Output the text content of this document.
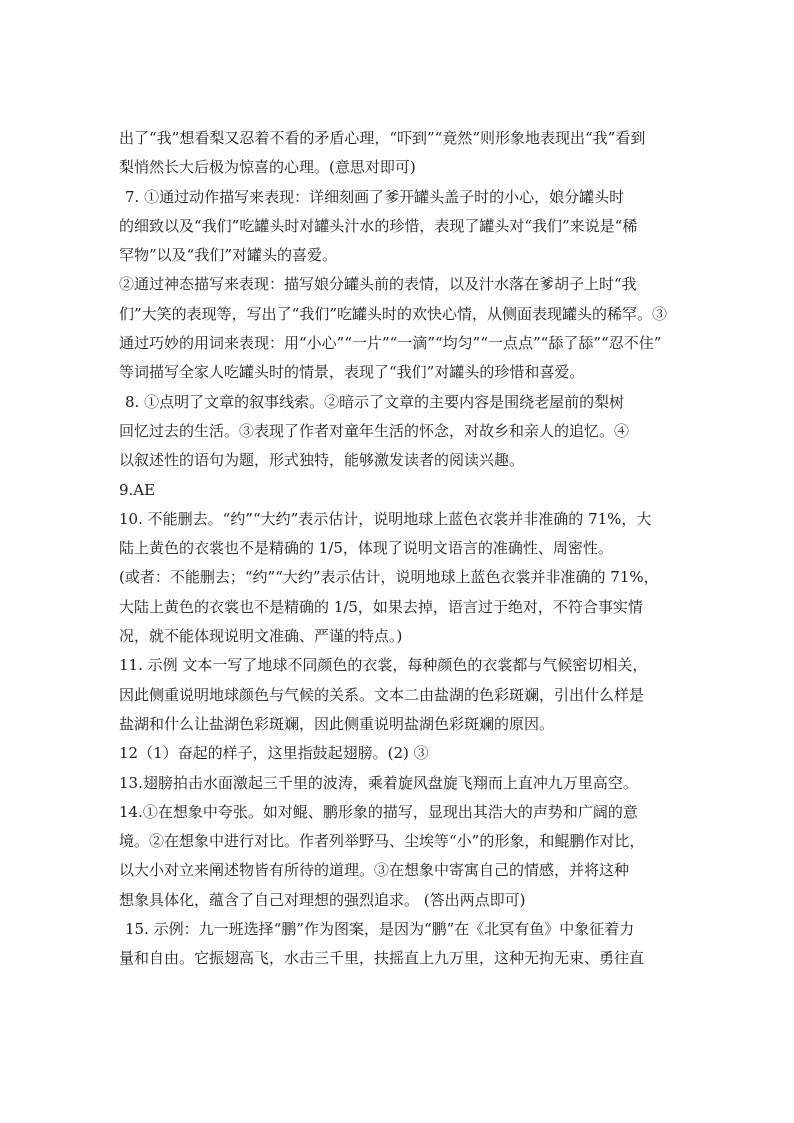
出了“我”想看梨又忍着不看的矛盾心理，“吓到”“竟然”则形象地表现出“我”看到
梨悄然长大后极为惊喜的心理。(意思对即可)
7. ①通过动作描写来表现：详细刻画了爹开罐头盖子时的小心，娘分罐头时
的细致以及“我们”吃罐头时对罐头汁水的珍惜，表现了罐头对“我们”来说是“稀
罕物”以及“我们”对罐头的喜爱。
②通过神态描写来表现：描写娘分罐头前的表情，以及汁水落在爹胡子上时“我
们”大笑的表现等，写出了“我们”吃罐头时的欢快心情，从侧面表现罐头的稀罕。③
通过巧妙的用词来表现：用“小心”“一片”“一滴”“均匀”“一点点”“舔了舔”“忍不住”
等词描写全家人吃罐头时的情景，表现了“我们”对罐头的珍惜和喜爱。
8. ①点明了文章的叙事线索。②暗示了文章的主要内容是围绕老屋前的梨树
回忆过去的生活。③表现了作者对童年生活的怀念，对故乡和亲人的追忆。④
以叙述性的语句为题，形式独特，能够激发读者的阅读兴趣。
9.AE
10. 不能删去。“约”“大约”表示估计，说明地球上蓝色衣裳并非准确的 71%，大
陆上黄色的衣裳也不是精确的 1/5，体现了说明文语言的准确性、周密性。
(或者：不能删去；“约”“大约”表示估计，说明地球上蓝色衣裳并非准确的 71%，
大陆上黄色的衣裳也不是精确的 1/5，如果去掉，语言过于绝对，不符合事实情
况，就不能体现说明文准确、严谨的特点。)
11. 示例 文本一写了地球不同颜色的衣裳，每种颜色的衣裳都与气候密切相关，
因此侧重说明地球颜色与气候的关系。文本二由盐湖的色彩斑斓，引出什么样是
盐湖和什么让盐湖色彩斑斓，因此侧重说明盐湖色彩斑斓的原因。
12（1）奋起的样子，这里指鼓起翅膀。(2) ③
13.翅膀拍击水面激起三千里的波涛，乘着旋风盘旋飞翔而上直冲九万里高空。
14.①在想象中夸张。如对鲲、鹏形象的描写，显现出其浩大的声势和广阔的意
境。②在想象中进行对比。作者列举野马、尘埃等“小”的形象，和鲲鹏作对比，
以大小对立来阐述物皆有所待的道理。③在想象中寄寓自己的情感，并将这种
想象具体化，蕴含了自己对理想的强烈追求。 (答出两点即可)
15. 示例：九一班选择“鹏”作为图案，是因为“鹏”在《北冥有鱼》中象征着力
量和自由。它振翅高飞，水击三千里，扶摇直上九万里，这种无拘无束、勇往直
